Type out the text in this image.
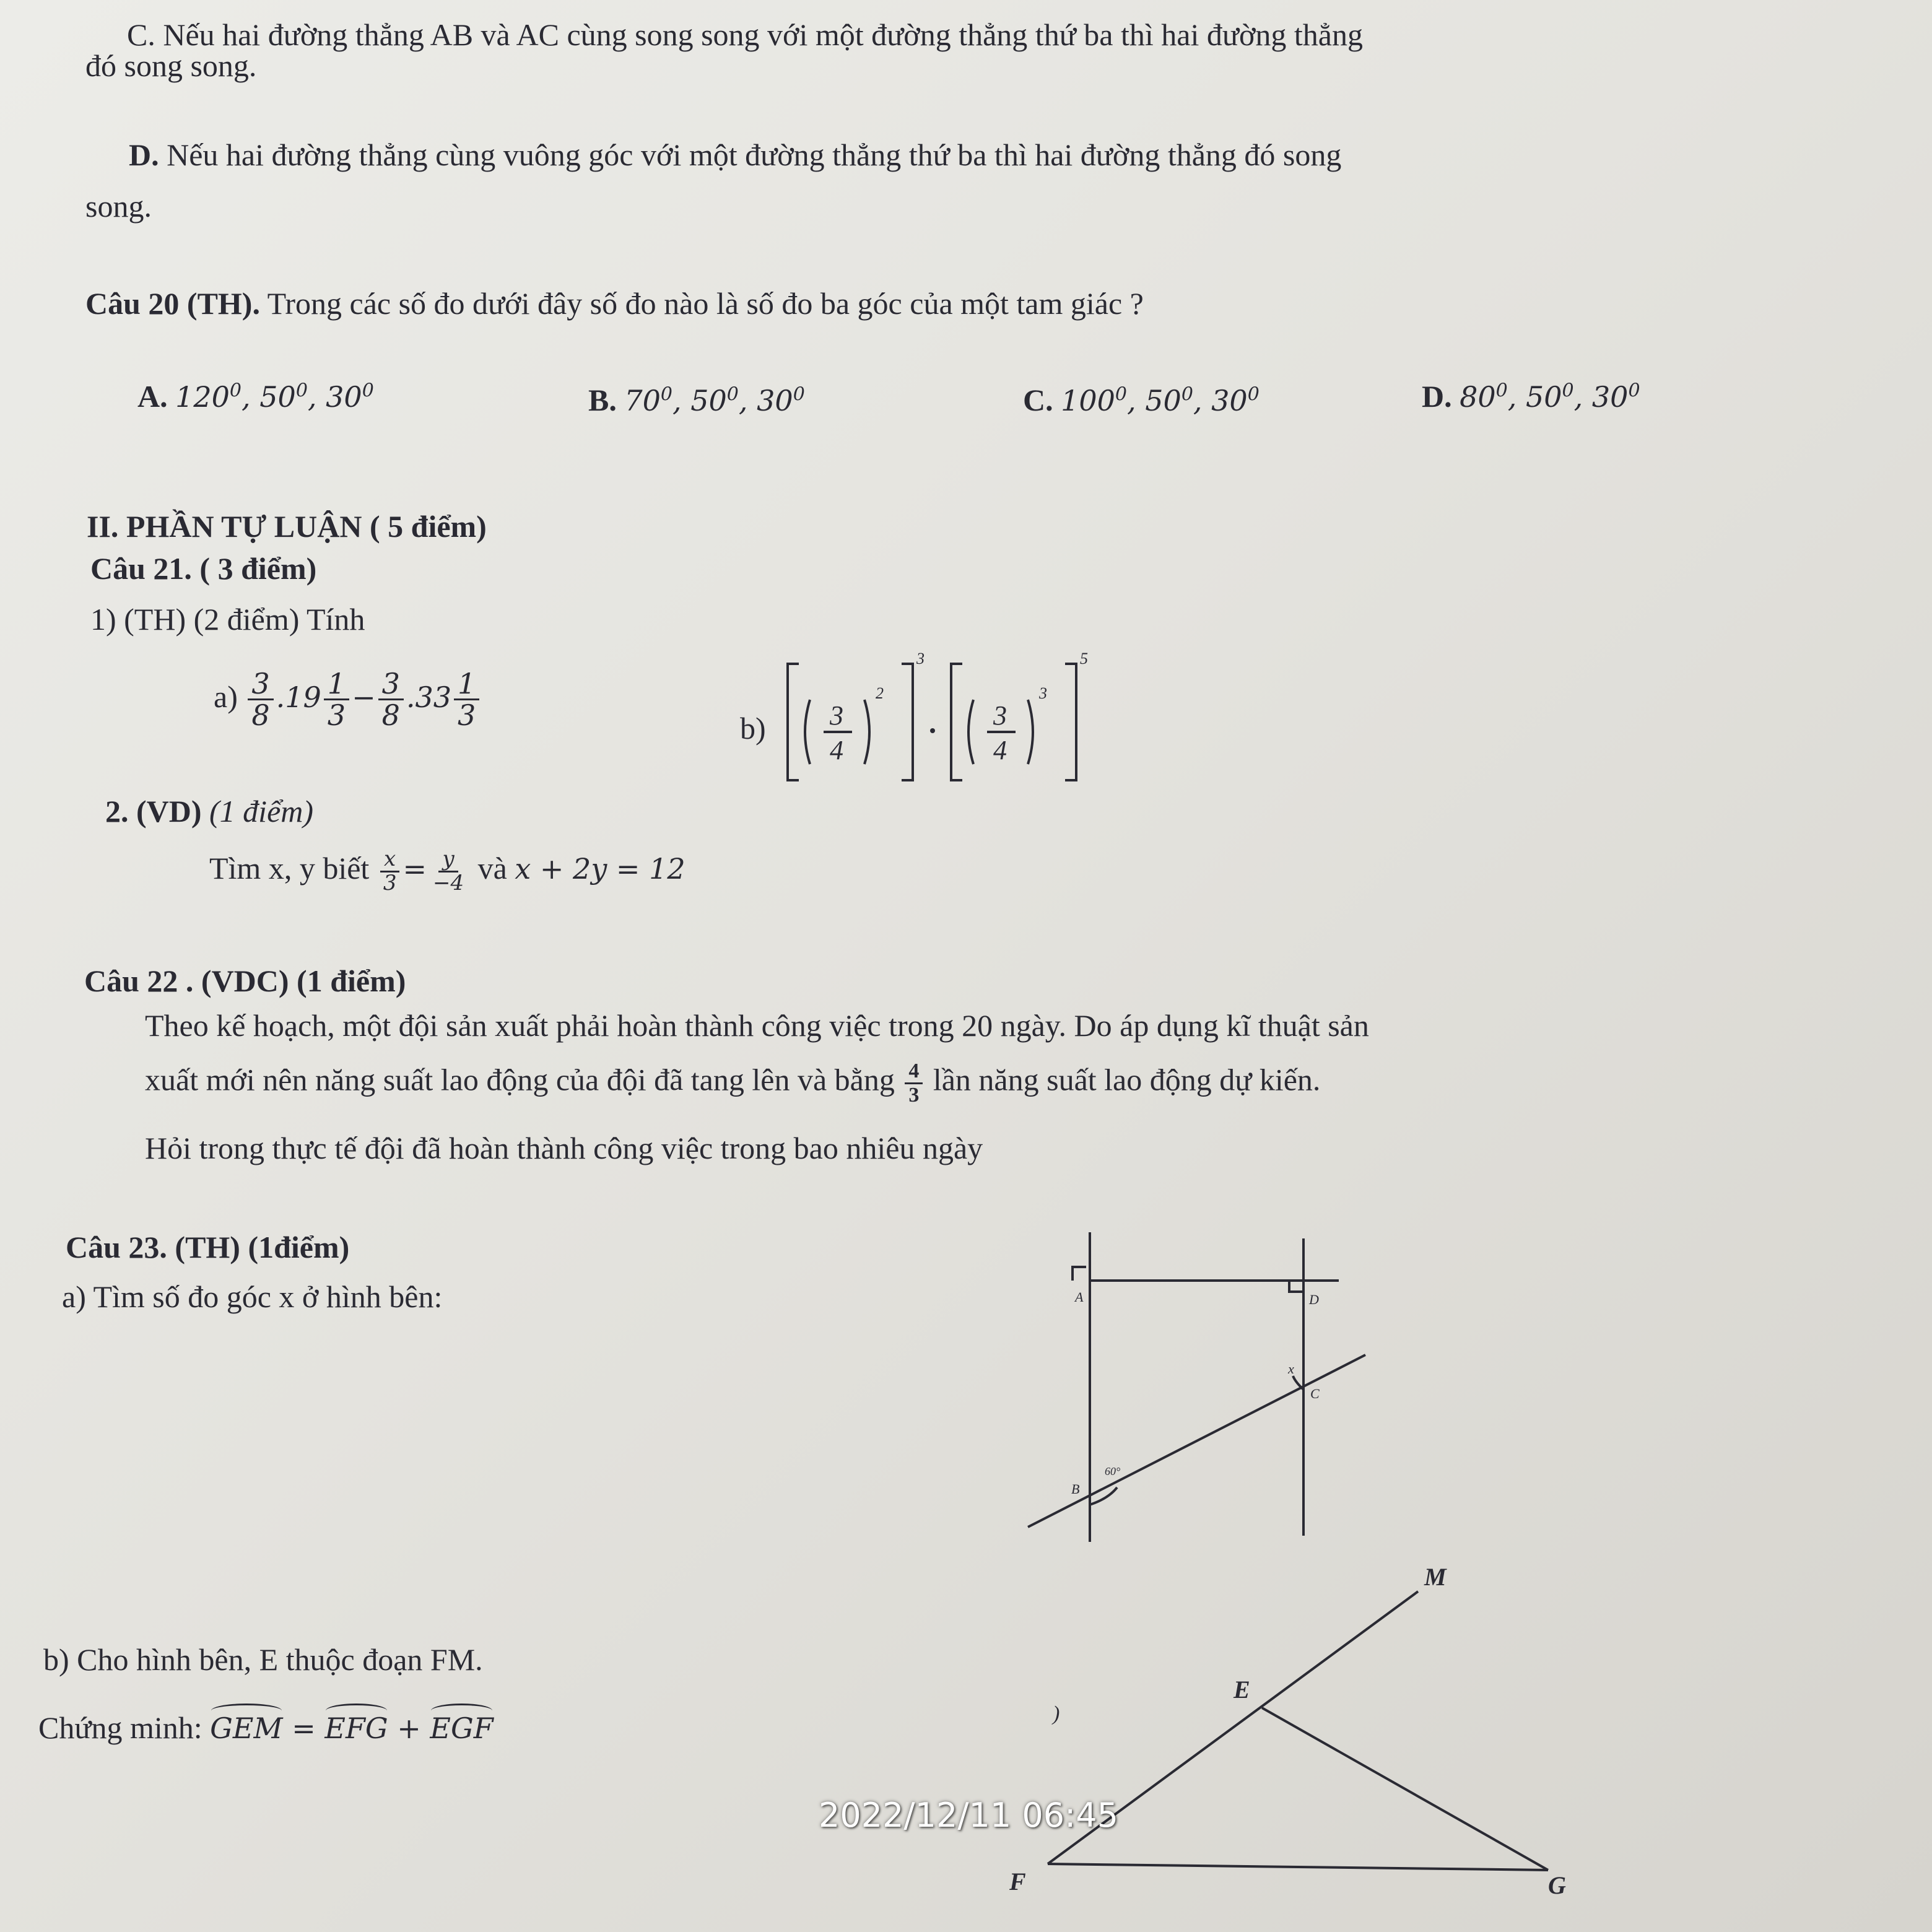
C. Nếu hai đường thẳng AB và AC cùng song song với một đường thẳng thứ ba thì hai đường thẳng
đó song song.
D. Nếu hai đường thẳng cùng vuông góc với một đường thẳng thứ ba thì hai đường thẳng đó song
song.
Câu 20 (TH). Trong các số đo dưới đây số đo nào là số đo ba góc của một tam giác ?
A. $120^0$, $50^0$, $30^0$	B. $70^0$, $50^0$, $30^0$	C. $100^0$, $50^0$, $30^0$	D. $80^0$, $50^0$, $30^0$
II. PHẦN TỰ LUẬN ( 5 điểm)
Câu 21. ( 3 điểm)
1) (TH) (2 điểm) Tính
$a) \frac{3}{8} .19 \frac{1}{3} - \frac{3}{8} .33 \frac{1}{3}$	b) 3
4
2
3
3
4
3
5
2. (VD) (1 điểm)
Tìm x, y biết $\frac{x}{3} = \frac{y}{-4}$ và x + 2y = 12
Câu 22 . (VDC) (1 điểm)
Theo kế hoạch, một đội sản xuất phải hoàn thành công việc trong 20 ngày. Do áp dụng kĩ thuật sản
xuất mới nên năng suất lao động của đội đã tang lên và bằng $\frac{4}{3}$ lần năng suất lao động dự kiến.
Hỏi trong thực tế đội đã hoàn thành công việc trong bao nhiêu ngày
Câu 23. (TH) (1điểm)
a) Tìm số đo góc x ở hình bên:	A	D
x
C
60°
B
b) Cho hình bên, E thuộc đoạn FM.
Chứng minh: GEM = EFG + EGF
M
E
)
F	G
2022/12/11 06:45
